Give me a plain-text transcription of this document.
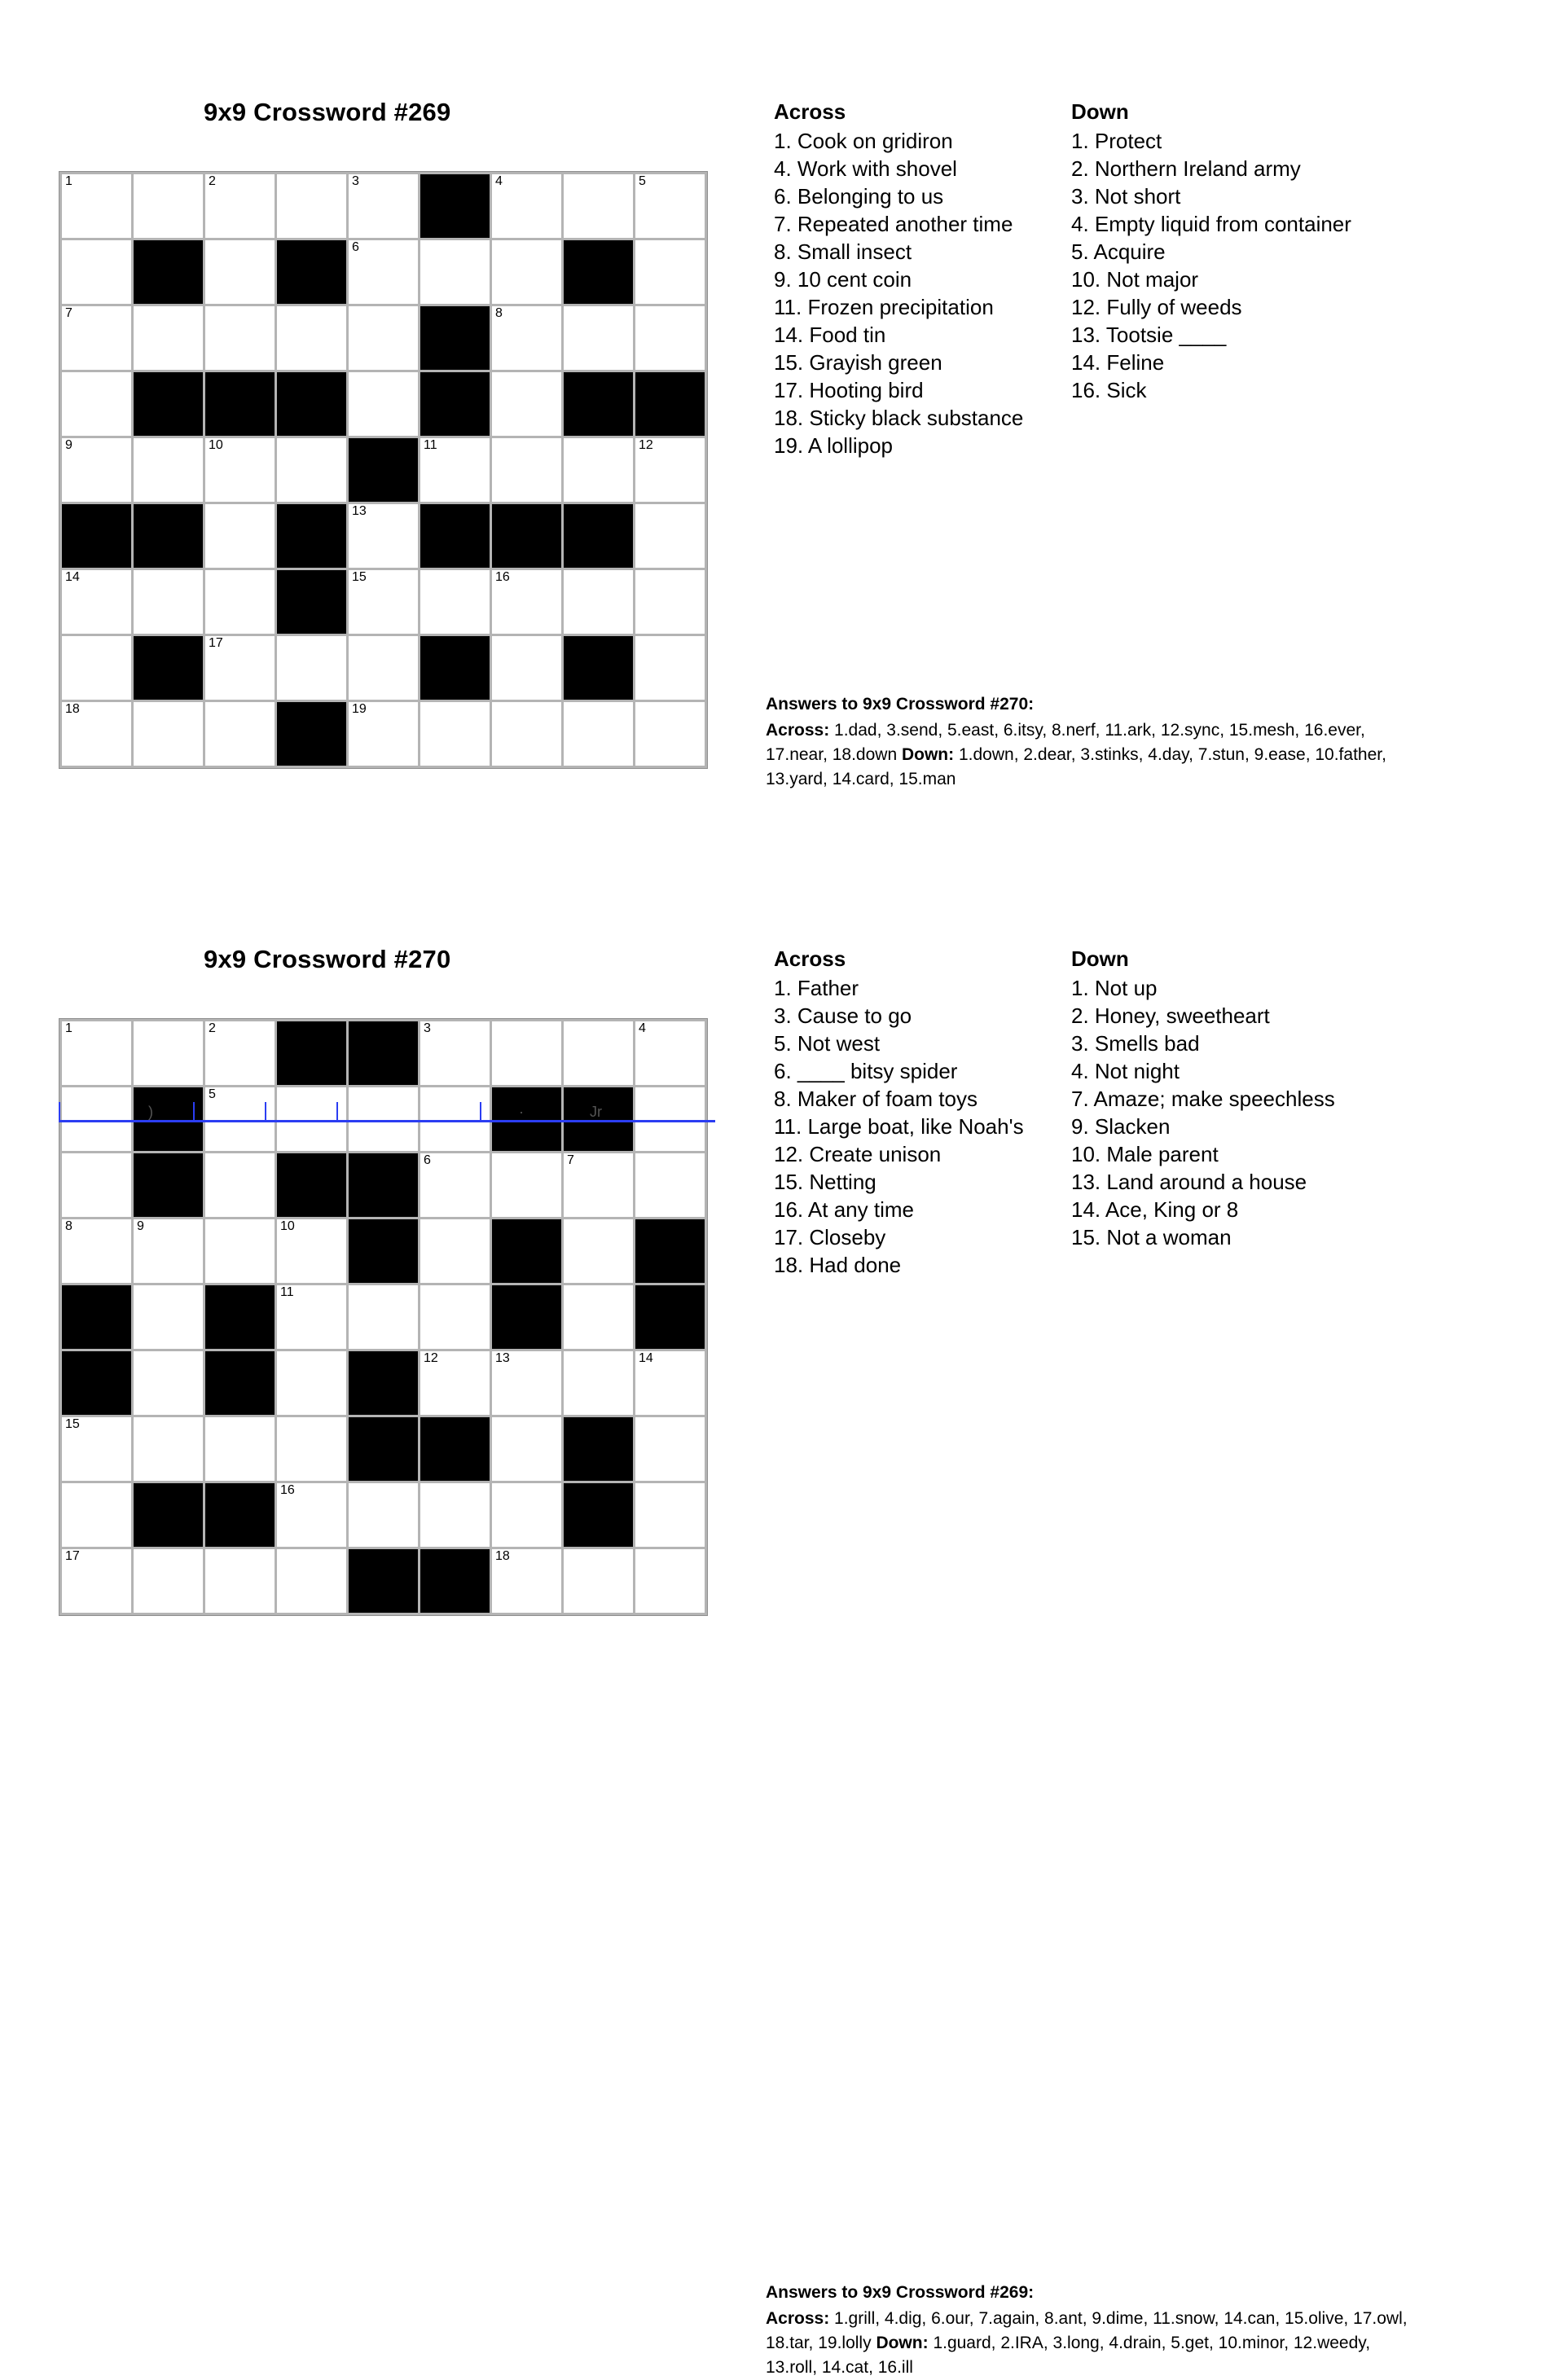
9x9 Crossword #269
1	2	3	4	5
6
7	8
9	10	11	12
13
14	15	16
17
18	19
Across
1. Cook on gridiron
4. Work with shovel
6. Belonging to us
7. Repeated another time
8. Small insect
9. 10 cent coin
11. Frozen precipitation
14. Food tin
15. Grayish green
17. Hooting bird
18. Sticky black substance
19. A lollipop
Down
1. Protect
2. Northern Ireland army
3. Not short
4. Empty liquid from container
5. Acquire
10. Not major
12. Fully of weeds
13. Tootsie ____
14. Feline
16. Sick
Answers to 9x9 Crossword #270:
Across: 1.dad, 3.send, 5.east, 6.itsy, 8.nerf, 11.ark, 12.sync, 15.mesh, 16.ever, 17.near, 18.down Down: 1.down, 2.dear, 3.stinks, 4.day, 7.stun, 9.ease, 10.father, 13.yard, 14.card, 15.man
9x9 Crossword #270
1	2	3	4
5
6	7
8	9	10
11
12	13	14
15
16
17	18
)	·	Jr
Across
1. Father
3. Cause to go
5. Not west
6. ____ bitsy spider
8. Maker of foam toys
11. Large boat, like Noah's
12. Create unison
15. Netting
16. At any time
17. Closeby
18. Had done
Down
1. Not up
2. Honey, sweetheart
3. Smells bad
4. Not night
7. Amaze; make speechless
9. Slacken
10. Male parent
13. Land around a house
14. Ace, King or 8
15. Not a woman
Answers to 9x9 Crossword #269:
Across: 1.grill, 4.dig, 6.our, 7.again, 8.ant, 9.dime, 11.snow, 14.can, 15.olive, 17.owl, 18.tar, 19.lolly Down: 1.guard, 2.IRA, 3.long, 4.drain, 5.get, 10.minor, 12.weedy, 13.roll, 14.cat, 16.ill
